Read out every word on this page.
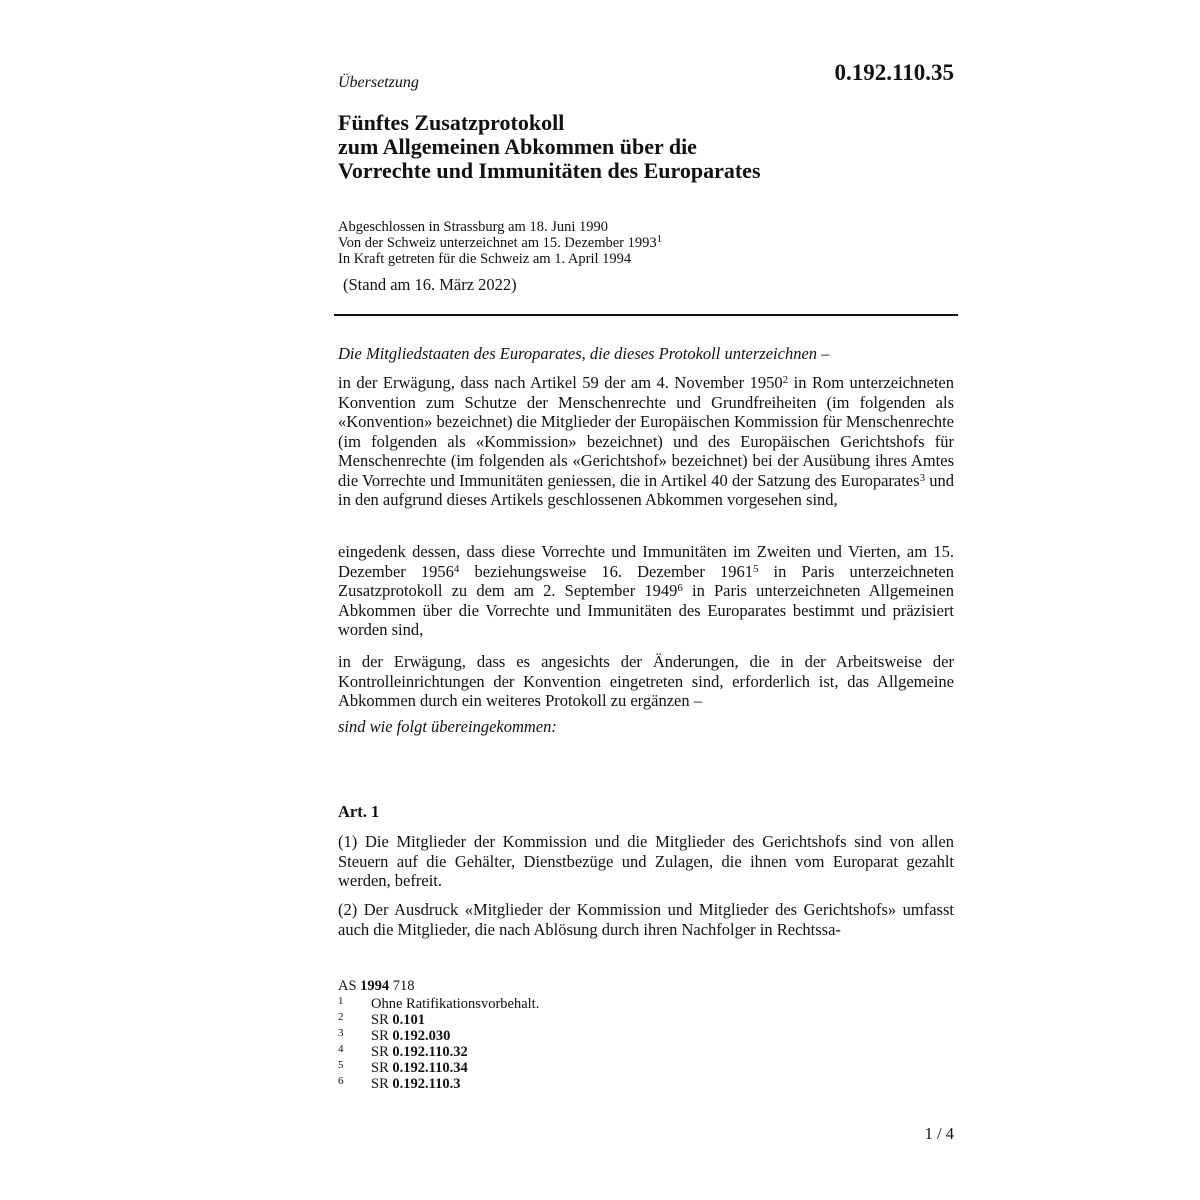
Übersetzung	0.192.110.35
Fünftes Zusatzprotokoll
zum Allgemeinen Abkommen über die
Vorrechte und Immunitäten des Europarates
Abgeschlossen in Strassburg am 18. Juni 1990
Von der Schweiz unterzeichnet am 15. Dezember 1993$^1$
In Kraft getreten für die Schweiz am 1. April 1994
(Stand am 16. März 2022)
Die Mitgliedstaaten des Europarates, die dieses Protokoll unterzeichnen –
in der Erwägung, dass nach Artikel 59 der am 4. November 1950$^2$ in Rom unterzeichneten Konvention zum Schutze der Menschenrechte und Grundfreiheiten (im folgenden als «Konvention» bezeichnet) die Mitglieder der Europäischen Kommission für Menschenrechte (im folgenden als «Kommission» bezeichnet) und des Europäischen Gerichtshofs für Menschenrechte (im folgenden als «Gerichtshof» bezeichnet) bei der Ausübung ihres Amtes die Vorrechte und Immunitäten geniessen, die in Artikel 40 der Satzung des Europarates$^3$ und in den aufgrund dieses Artikels geschlossenen Abkommen vorgesehen sind,
eingedenk dessen, dass diese Vorrechte und Immunitäten im Zweiten und Vierten, am 15. Dezember 1956$^4$ beziehungsweise 16. Dezember 1961$^5$ in Paris unterzeichneten Zusatzprotokoll zu dem am 2. September 1949$^6$ in Paris unterzeichneten Allgemeinen Abkommen über die Vorrechte und Immunitäten des Europarates bestimmt und präzisiert worden sind,
in der Erwägung, dass es angesichts der Änderungen, die in der Arbeitsweise der Kontrolleinrichtungen der Konvention eingetreten sind, erforderlich ist, das Allgemeine Abkommen durch ein weiteres Protokoll zu ergänzen –
sind wie folgt übereingekommen:
Art. 1
(1) Die Mitglieder der Kommission und die Mitglieder des Gerichtshofs sind von allen Steuern auf die Gehälter, Dienstbezüge und Zulagen, die ihnen vom Europarat gezahlt werden, befreit.
(2) Der Ausdruck «Mitglieder der Kommission und Mitglieder des Gerichtshofs» umfasst auch die Mitglieder, die nach Ablösung durch ihren Nachfolger in Rechtssa-
AS 1994 718
1 Ohne Ratifikationsvorbehalt.
2 SR 0.101
3 SR 0.192.030
4 SR 0.192.110.32
5 SR 0.192.110.34
6 SR 0.192.110.3
1 / 4
